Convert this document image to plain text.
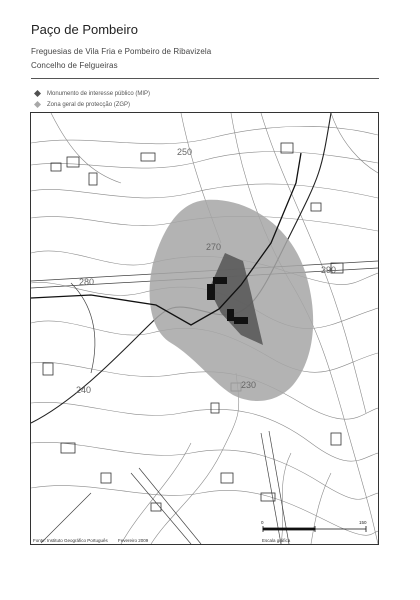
Paço de Pombeiro
Freguesias de Vila Fria e Pombeiro de Ribavizela
Concelho de Felgueiras
Monumento de interesse público (MIP)
Zona geral de protecção (ZGP)
250
270
280
290
240	230
0	150
Fonte: Instituto Geográfico Português Fevereiro 2009	Escala gráfica
